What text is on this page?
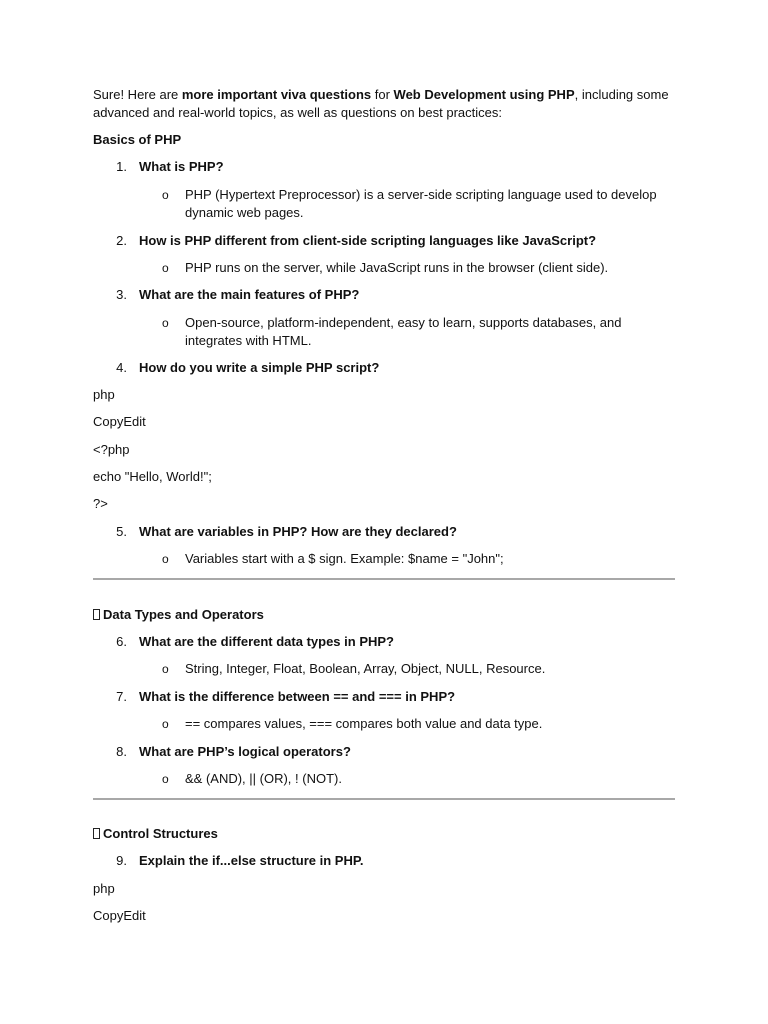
Sure! Here are more important viva questions for Web Development using PHP, including some advanced and real-world topics, as well as questions on best practices:
Basics of PHP
1. What is PHP?
o PHP (Hypertext Preprocessor) is a server-side scripting language used to develop dynamic web pages.
2. How is PHP different from client-side scripting languages like JavaScript?
o PHP runs on the server, while JavaScript runs in the browser (client side).
3. What are the main features of PHP?
o Open-source, platform-independent, easy to learn, supports databases, and integrates with HTML.
4. How do you write a simple PHP script?
php
CopyEdit
<?php
echo "Hello, World!";
?>
5. What are variables in PHP? How are they declared?
o Variables start with a $ sign. Example: $name = "John";
Data Types and Operators
6. What are the different data types in PHP?
o String, Integer, Float, Boolean, Array, Object, NULL, Resource.
7. What is the difference between == and === in PHP?
o == compares values, === compares both value and data type.
8. What are PHP’s logical operators?
o && (AND), || (OR), ! (NOT).
Control Structures
9. Explain the if...else structure in PHP.
php
CopyEdit
